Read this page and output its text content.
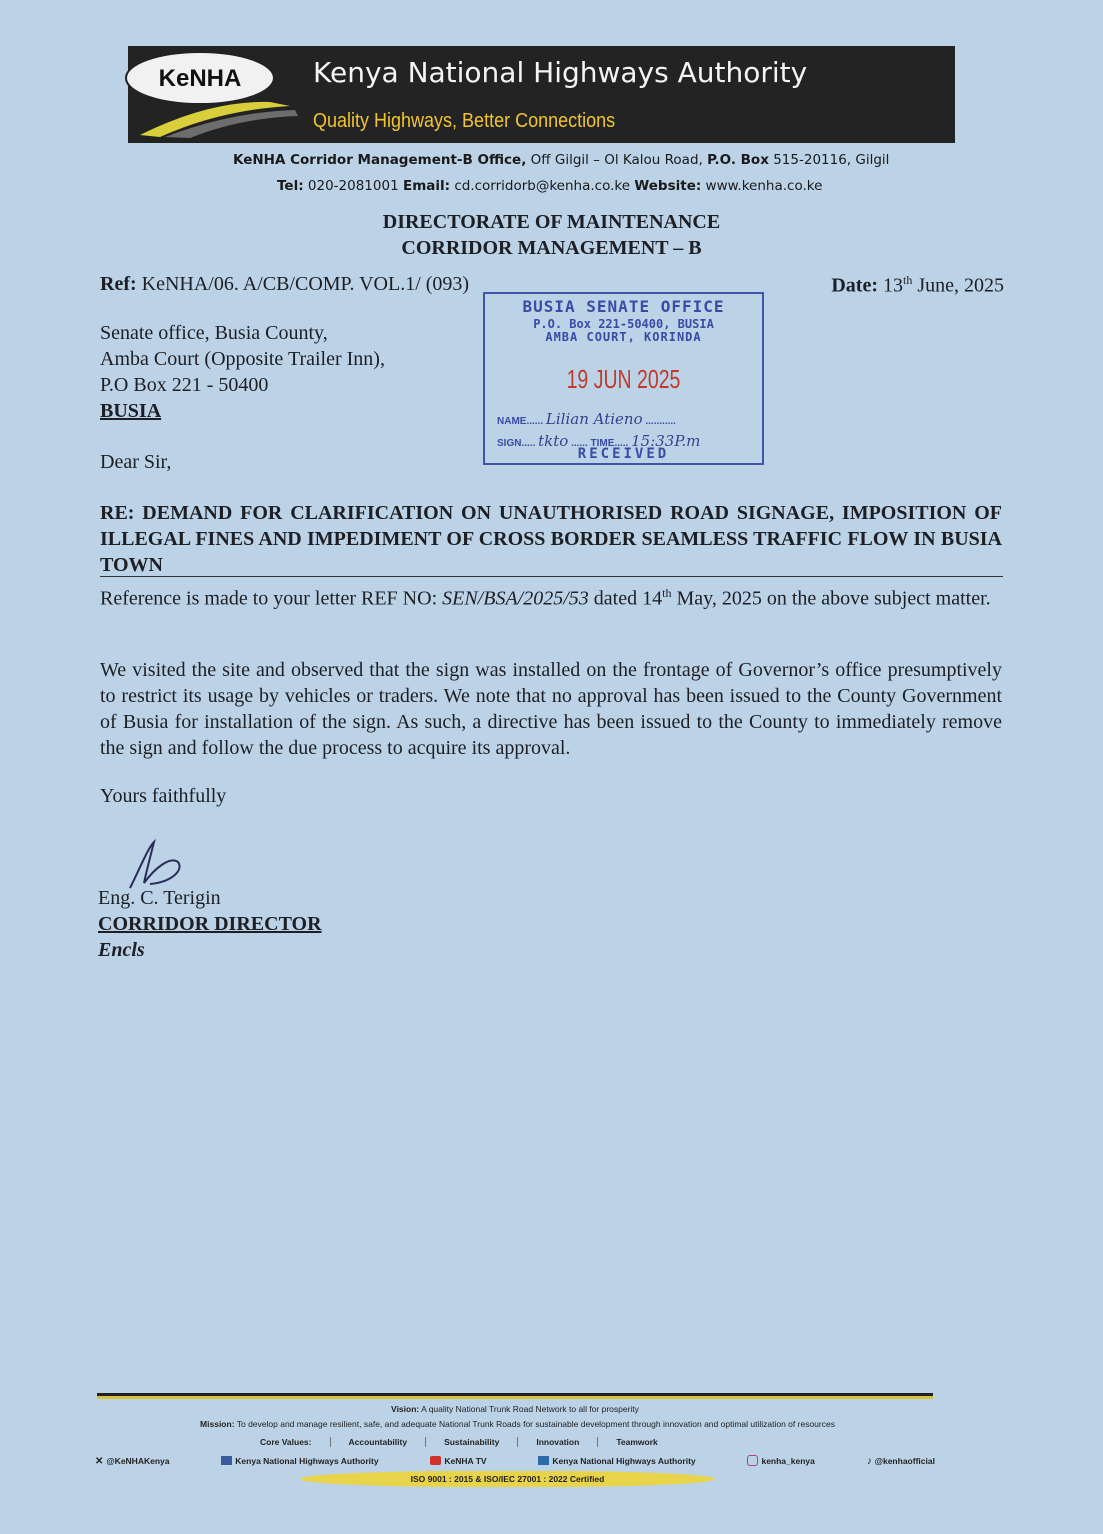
KeNHA	Kenya National Highways Authority
Quality Highways, Better Connections
KeNHA Corridor Management-B Office, Off Gilgil – Ol Kalou Road, P.O. Box 515-20116, Gilgil
Tel: 020-2081001 Email: cd.corridorb@kenha.co.ke Website: www.kenha.co.ke
DIRECTORATE OF MAINTENANCE
CORRIDOR MANAGEMENT – B
Ref: KeNHA/06. A/CB/COMP. VOL.1/ (093)	Date: 13th June, 2025
Senate office, Busia County,
Amba Court (Opposite Trailer Inn),
P.O Box 221 - 50400
BUSIA
Dear Sir,
BUSIA SENATE OFFICE
P.O. Box 221-50400, BUSIA
AMBA COURT, KORINDA
19 JUN 2025
NAME...... Lilian Atieno ...........
SIGN..... tkto ...... TIME..... 15:33P.m
RECEIVED
RE: DEMAND FOR CLARIFICATION ON UNAUTHORISED ROAD SIGNAGE, IMPOSITION OF ILLEGAL FINES AND IMPEDIMENT OF CROSS BORDER SEAMLESS TRAFFIC FLOW IN BUSIA TOWN
Reference is made to your letter REF NO: SEN/BSA/2025/53 dated 14th May, 2025 on the above subject matter.
We visited the site and observed that the sign was installed on the frontage of Governor’s office presumptively to restrict its usage by vehicles or traders. We note that no approval has been issued to the County Government of Busia for installation of the sign. As such, a directive has been issued to the County to immediately remove the sign and follow the due process to acquire its approval.
Yours faithfully
Eng. C. Terigin
CORRIDOR DIRECTOR
Encls
Vision: A quality National Trunk Road Network to all for prosperity
Mission: To develop and manage resilient, safe, and adequate National Trunk Roads for sustainable development through innovation and optimal utilization of resources
Core Values:	Accountability	Sustainability	Innovation	Teamwork
✕ @KeNHAKenya	Kenya National Highways Authority	KeNHA TV	Kenya National Highways Authority	kenha_kenya	♪ @kenhaofficial
ISO 9001 : 2015 & ISO/IEC 27001 : 2022 Certified
